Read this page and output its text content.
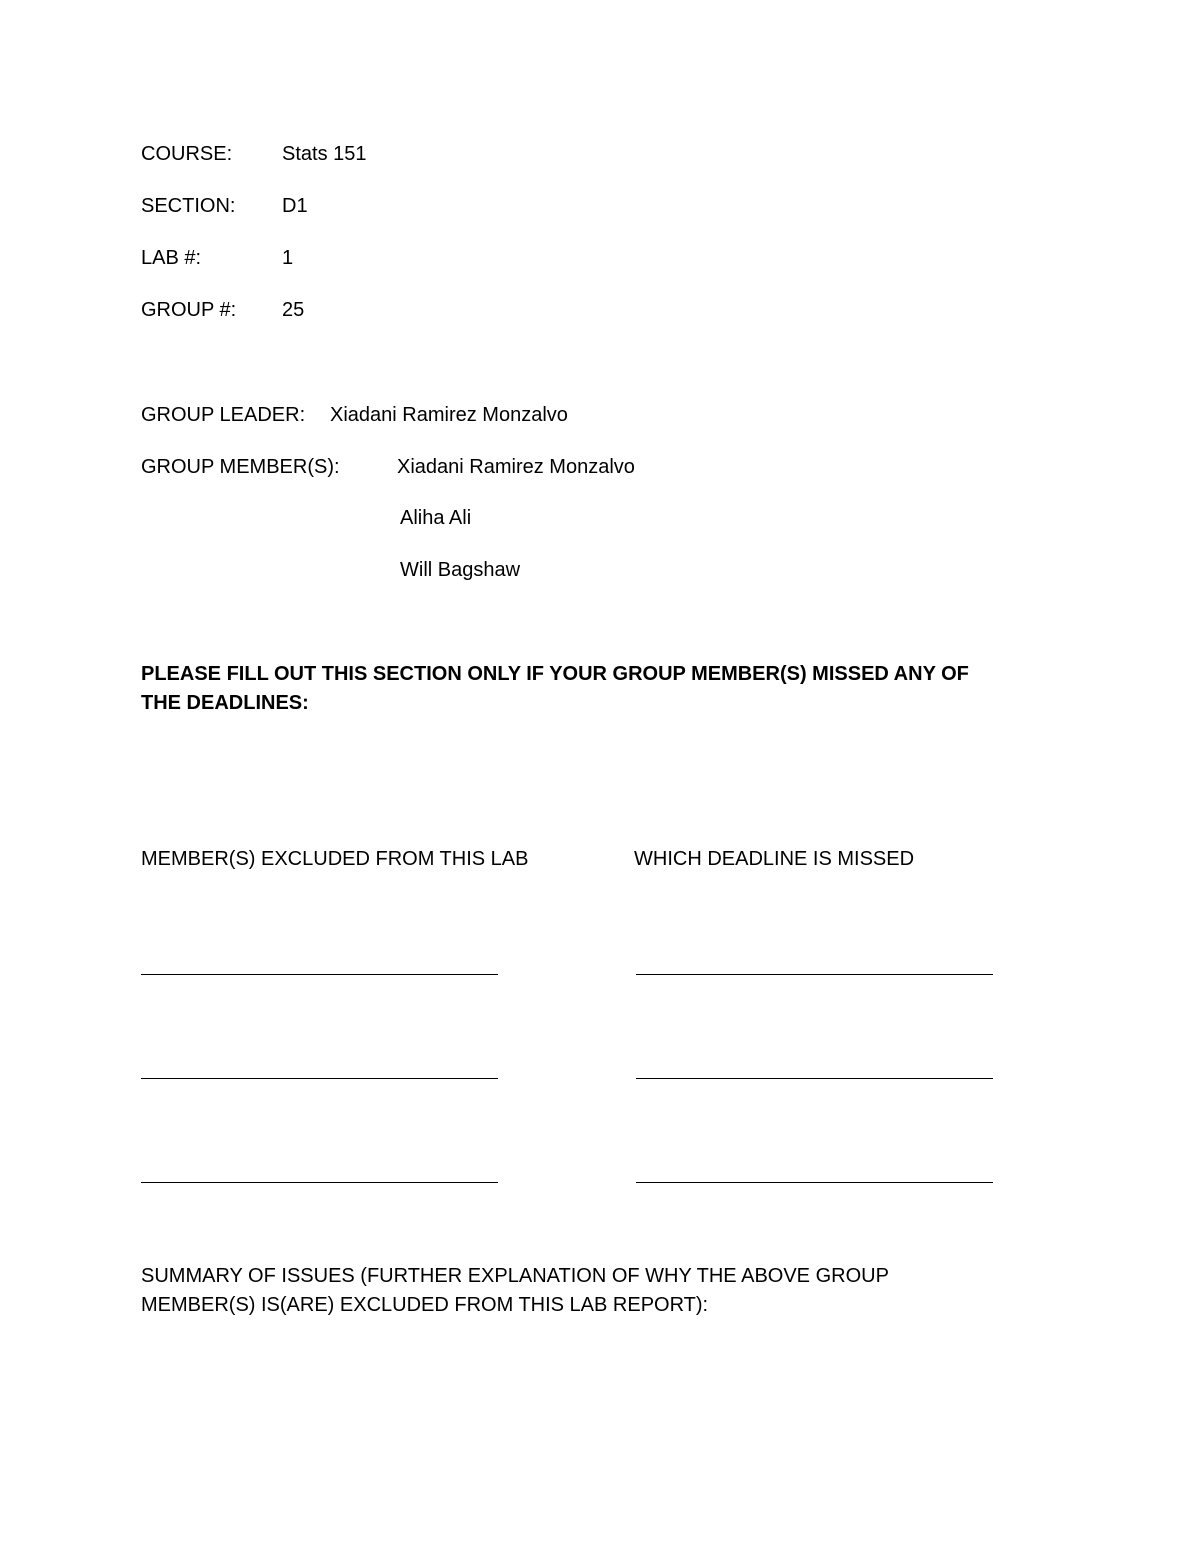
COURSE: Stats 151
SECTION: D1
LAB #:	1
GROUP #: 25
GROUP LEADER: Xiadani Ramirez Monzalvo
GROUP MEMBER(S):	Xiadani Ramirez Monzalvo
Aliha Ali
Will Bagshaw
PLEASE FILL OUT THIS SECTION ONLY IF YOUR GROUP MEMBER(S) MISSED ANY OF
THE DEADLINES:
MEMBER(S) EXCLUDED FROM THIS LAB	WHICH DEADLINE IS MISSED
SUMMARY OF ISSUES (FURTHER EXPLANATION OF WHY THE ABOVE GROUP
MEMBER(S) IS(ARE) EXCLUDED FROM THIS LAB REPORT):
